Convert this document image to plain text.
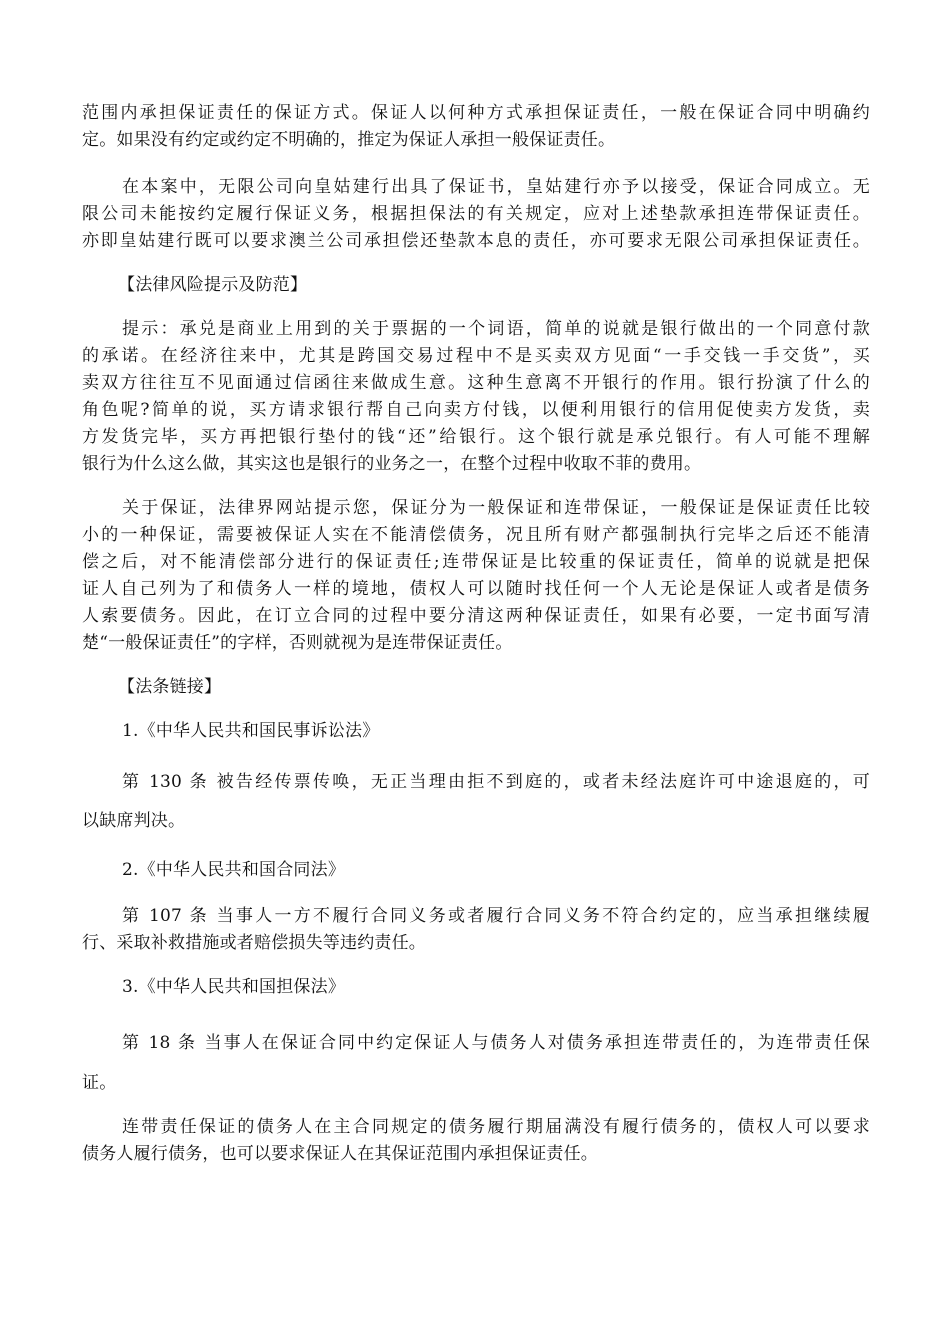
范围内承担保证责任的保证方式。保证人以何种方式承担保证责任，一般在保证合同中明确约
定。如果没有约定或约定不明确的，推定为保证人承担一般保证责任。
在本案中，无限公司向皇姑建行出具了保证书，皇姑建行亦予以接受，保证合同成立。无
限公司未能按约定履行保证义务，根据担保法的有关规定，应对上述垫款承担连带保证责任。
亦即皇姑建行既可以要求澳兰公司承担偿还垫款本息的责任，亦可要求无限公司承担保证责任。
【法律风险提示及防范】
提示：承兑是商业上用到的关于票据的一个词语，简单的说就是银行做出的一个同意付款
的承诺。在经济往来中，尤其是跨国交易过程中不是买卖双方见面“一手交钱一手交货”，买
卖双方往往互不见面通过信函往来做成生意。这种生意离不开银行的作用。银行扮演了什么的
角色呢?简单的说，买方请求银行帮自己向卖方付钱，以便利用银行的信用促使卖方发货，卖
方发货完毕，买方再把银行垫付的钱“还”给银行。这个银行就是承兑银行。有人可能不理解
银行为什么这么做，其实这也是银行的业务之一，在整个过程中收取不菲的费用。
关于保证，法律界网站提示您，保证分为一般保证和连带保证，一般保证是保证责任比较
小的一种保证，需要被保证人实在不能清偿债务，况且所有财产都强制执行完毕之后还不能清
偿之后，对不能清偿部分进行的保证责任;连带保证是比较重的保证责任，简单的说就是把保
证人自己列为了和债务人一样的境地，债权人可以随时找任何一个人无论是保证人或者是债务
人索要债务。因此，在订立合同的过程中要分清这两种保证责任，如果有必要，一定书面写清
楚“一般保证责任”的字样，否则就视为是连带保证责任。
【法条链接】
1.《中华人民共和国民事诉讼法》
第 130 条 被告经传票传唤，无正当理由拒不到庭的，或者未经法庭许可中途退庭的，可
以缺席判决。
2.《中华人民共和国合同法》
第 107 条 当事人一方不履行合同义务或者履行合同义务不符合约定的，应当承担继续履
行、采取补救措施或者赔偿损失等违约责任。
3.《中华人民共和国担保法》
第 18 条 当事人在保证合同中约定保证人与债务人对债务承担连带责任的，为连带责任保
证。
连带责任保证的债务人在主合同规定的债务履行期届满没有履行债务的，债权人可以要求
债务人履行债务，也可以要求保证人在其保证范围内承担保证责任。
